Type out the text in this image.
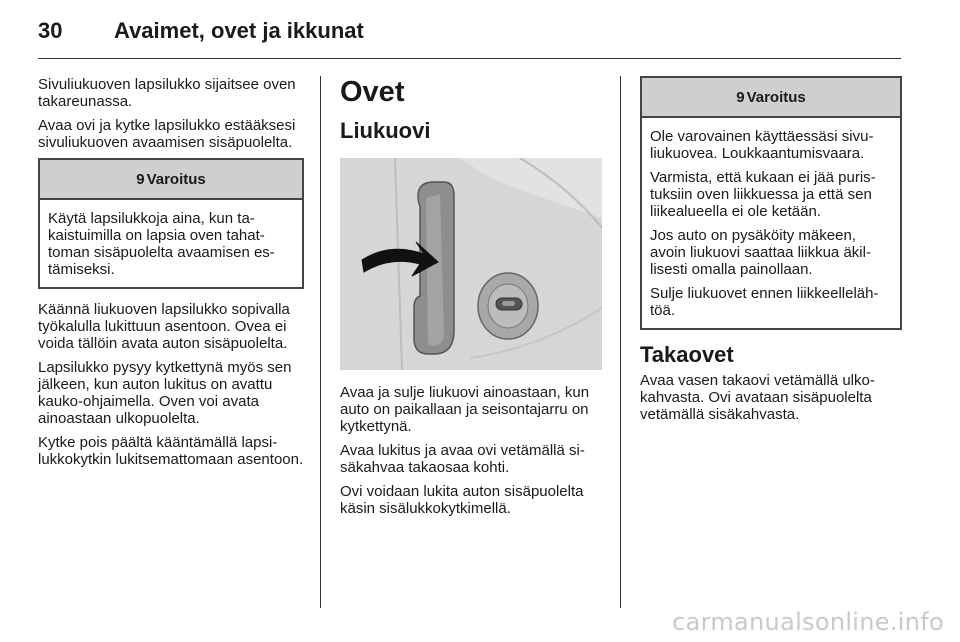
30 Avaimet, ovet ja ikkunat

Sivuliukuoven lapsilukko sijaitsee oven takareunassa.

Avaa ovi ja kytke lapsilukko estääksesi sivuliukuoven avaamisen sisäpuolelta.

9 Varoitus

Käytä lapsilukkoja aina, kun takaistuimilla on lapsia oven tahattoman sisäpuolelta avaamisen estämiseksi.

Käännä liukuoven lapsilukko sopivalla työkalulla lukittuun asentoon. Ovea ei voida tällöin avata auton sisäpuolelta.

Lapsilukko pysyy kytkettynä myös sen jälkeen, kun auton lukitus on avattu kauko-ohjaimella. Oven voi avata ainoastaan ulkopuolelta.

Kytke pois päältä kääntämällä lapsilukkokytkin lukitsemattomaan asentoon.

Ovet
Liukuovi

Avaa ja sulje liukuovi ainoastaan, kun auto on paikallaan ja seisontajarru on kytkettynä.

Avaa lukitus ja avaa ovi vetämällä sisäkahvaa takaosaa kohti.

Ovi voidaan lukita auton sisäpuolelta käsin sisälukkokytkimellä.

9 Varoitus

Ole varovainen käyttäessäsi sivuliukuovea. Loukkaantumisvaara.

Varmista, että kukaan ei jää puristuksiin oven liikkuessa ja että sen liikealueella ei ole ketään.

Jos auto on pysäköity mäkeen, avoin liukuovi saattaa liikkua äkillisesti omalla painollaan.

Sulje liukuovet ennen liikkeellelähtöä.

Takaovet

Avaa vasen takaovi vetämällä ulkokahvasta. Ovi avataan sisäpuolelta vetämällä sisäkahvasta.

carmanualsonline.info
